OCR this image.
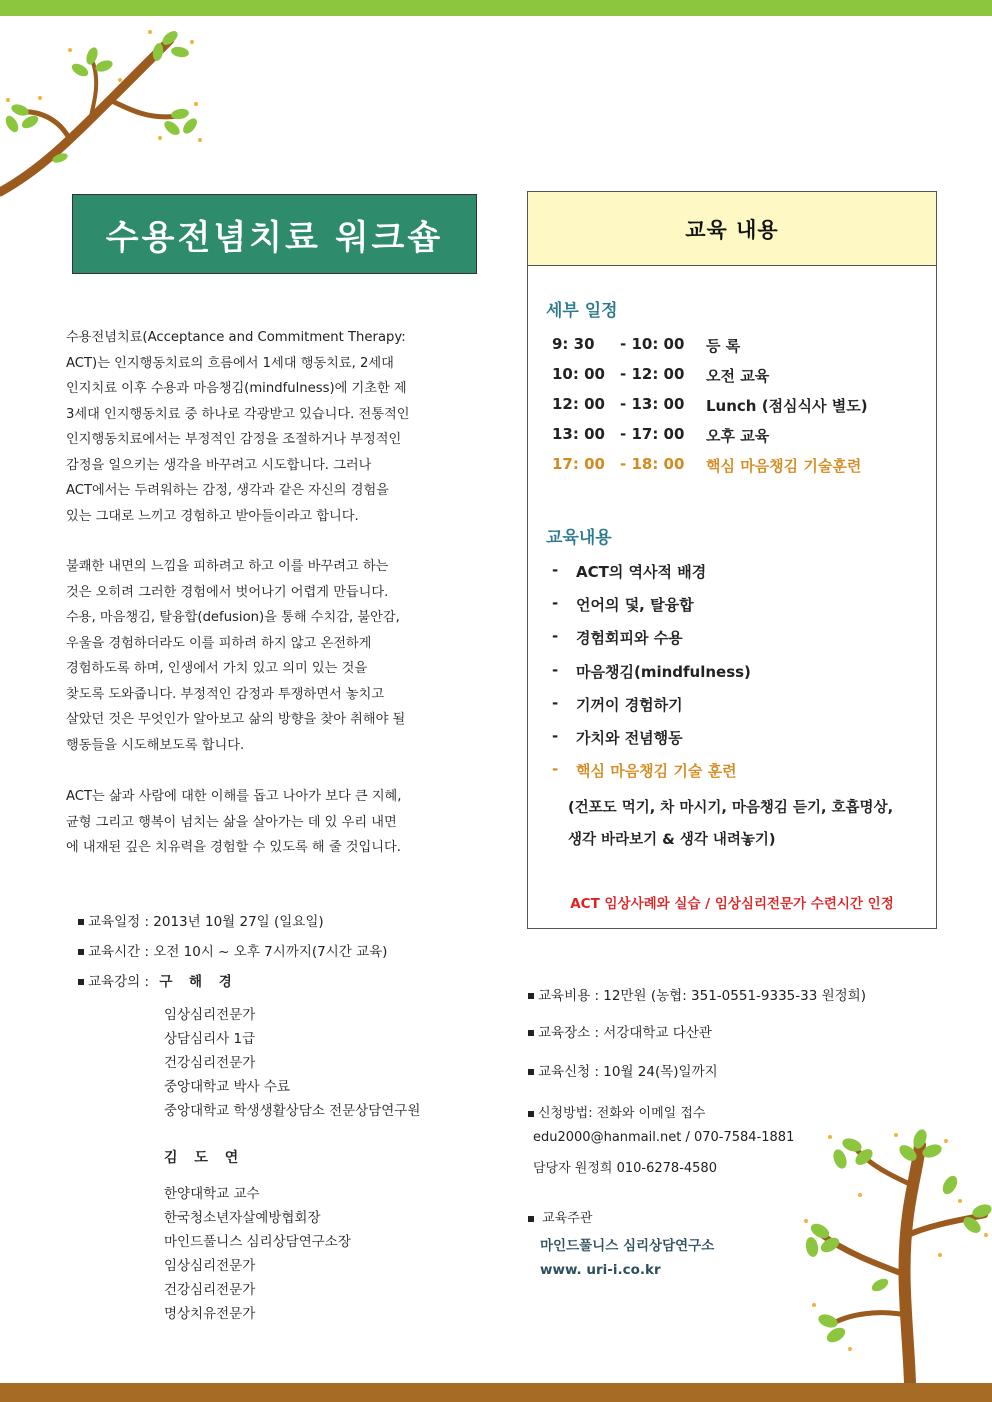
수용전념치료 워크숍

수용전념치료(Acceptance and Commitment Therapy:

ACT)는 인지행동치료의 흐름에서 1세대 행동치료, 2세대

인지치료 이후 수용과 마음챙김(mindfulness)에 기초한 제

3세대 인지행동치료 중 하나로 각광받고 있습니다. 전통적인

인지행동치료에서는 부정적인 감정을 조절하거나 부정적인

감정을 일으키는 생각을 바꾸려고 시도합니다. 그러나

ACT에서는 두려워하는 감정, 생각과 같은 자신의 경험을

있는 그대로 느끼고 경험하고 받아들이라고 합니다.

불쾌한 내면의 느낌을 피하려고 하고 이를 바꾸려고 하는

것은 오히려 그러한 경험에서 벗어나기 어렵게 만듭니다.

수용, 마음챙김, 탈융합(defusion)을 통해 수치감, 불안감,

우울을 경험하더라도 이를 피하려 하지 않고 온전하게

경험하도록 하며, 인생에서 가치 있고 의미 있는 것을

찾도록 도와줍니다. 부정적인 감정과 투쟁하면서 놓치고

살았던 것은 무엇인가 알아보고 삶의 방향을 찾아 취해야 될

행동들을 시도해보도록 합니다.

ACT는 삶과 사람에 대한 이해를 돕고 나아가 보다 큰 지혜,

균형 그리고 행복이 넘치는 삶을 살아가는 데 있 우리 내면

에 내재된 깊은 치유력을 경험할 수 있도록 해 줄 것입니다.

교육 내용
세부 일정
9: 30	- 10: 00	등 록
10: 00	- 12: 00	오전 교육
12: 00	- 13: 00	Lunch (점심식사 별도)
13: 00	- 17: 00	오후 교육
17: 00	- 18: 00	핵심 마음챙김 기술훈련
교육내용
-	ACT의 역사적 배경
-	언어의 덫, 탈융합
-	경험회피와 수용
-	마음챙김(mindfulness)
-	기꺼이 경험하기
-	가치와 전념행동
-	핵심 마음챙김 기술 훈련
(건포도 먹기, 차 마시기, 마음챙김 듣기, 호흡명상,
생각 바라보기 & 생각 내려놓기)
ACT 임상사례와 실습 / 임상심리전문가 수련시간 인정
교육일정 : 2013년 10월 27일 (일요일)
교육시간 : 오전 10시 ~ 오후 7시까지(7시간 교육)
교육강의 : 구 해 경
임상심리전문가
상담심리사 1급
건강심리전문가
중앙대학교 박사 수료
중앙대학교 학생생활상담소 전문상담연구원
김 도 연
한양대학교 교수
한국청소년자살예방협회장
마인드풀니스 심리상담연구소장
임상심리전문가
건강심리전문가
명상치유전문가
교육비용 : 12만원 (농협: 351-0551-9335-33 원정희)
교육장소 : 서강대학교 다산관
교육신청 : 10월 24(목)일까지
신청방법: 전화와 이메일 접수
edu2000@hanmail.net / 070-7584-1881
담당자 원정희 010-6278-4580
교육주관
마인드풀니스 심리상담연구소
www. uri-i.co.kr
